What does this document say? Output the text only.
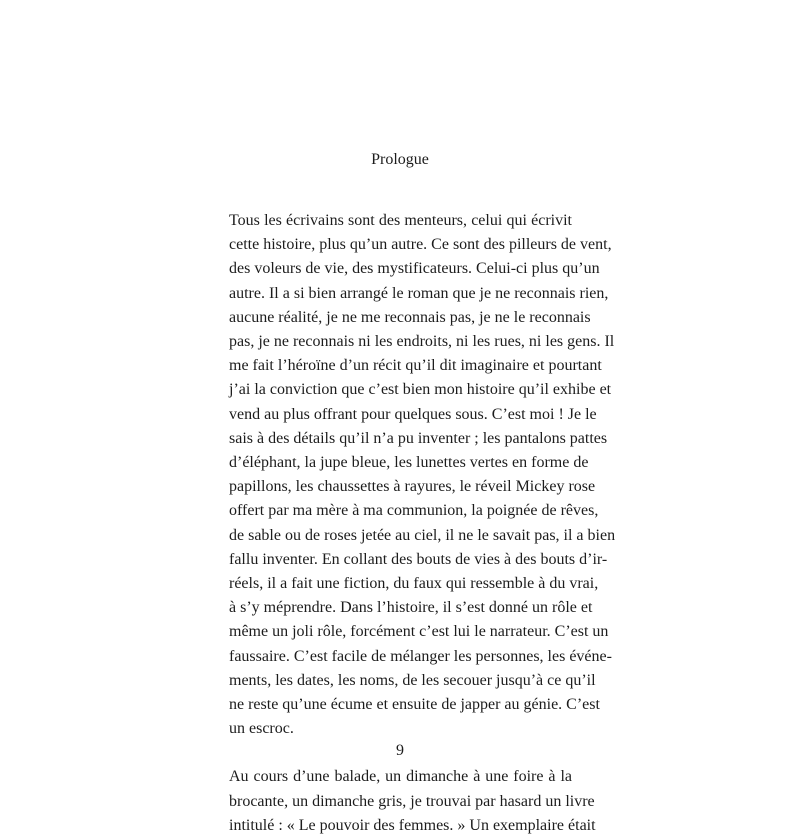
Prologue
Tous les écrivains sont des menteurs, celui qui écrivit
cette histoire, plus qu’un autre. Ce sont des pilleurs de vent,
des voleurs de vie, des mystificateurs. Celui-ci plus qu’un
autre. Il a si bien arrangé le roman que je ne reconnais rien,
aucune réalité, je ne me reconnais pas, je ne le reconnais
pas, je ne reconnais ni les endroits, ni les rues, ni les gens. Il
me fait l’héroïne d’un récit qu’il dit imaginaire et pourtant
j’ai la conviction que c’est bien mon histoire qu’il exhibe et
vend au plus offrant pour quelques sous. C’est moi ! Je le
sais à des détails qu’il n’a pu inventer ; les pantalons pattes
d’éléphant, la jupe bleue, les lunettes vertes en forme de
papillons, les chaussettes à rayures, le réveil Mickey rose
offert par ma mère à ma communion, la poignée de rêves,
de sable ou de roses jetée au ciel, il ne le savait pas, il a bien
fallu inventer. En collant des bouts de vies à des bouts d’ir-
réels, il a fait une fiction, du faux qui ressemble à du vrai,
à s’y méprendre. Dans l’histoire, il s’est donné un rôle et
même un joli rôle, forcément c’est lui le narrateur. C’est un
faussaire. C’est facile de mélanger les personnes, les événe-
ments, les dates, les noms, de les secouer jusqu’à ce qu’il
ne reste qu’une écume et ensuite de japper au génie. C’est
un escroc.
Au cours d’une balade, un dimanche à une foire à la
brocante, un dimanche gris, je trouvai par hasard un livre
intitulé : « Le pouvoir des femmes. » Un exemplaire était
9
